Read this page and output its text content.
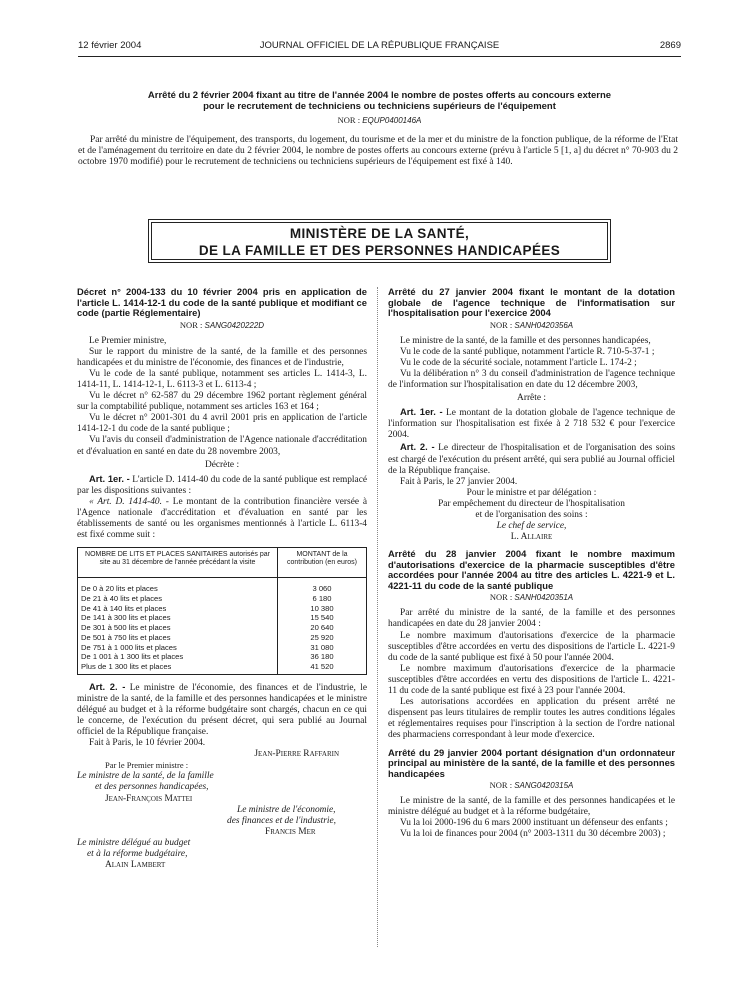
12 février 2004	JOURNAL OFFICIEL DE LA RÉPUBLIQUE FRANÇAISE	2869
Arrêté du 2 février 2004 fixant au titre de l'année 2004 le nombre de postes offerts au concours externe
pour le recrutement de techniciens ou techniciens supérieurs de l'équipement
NOR : EQUP0400146A

Par arrêté du ministre de l'équipement, des transports, du logement, du tourisme et de la mer et du ministre de la fonction publique, de la réforme de l'Etat et de l'aménagement du territoire en date du 2 février 2004, le nombre de postes offerts au concours externe (prévu à l'article 5 [1, a] du décret n° 70-903 du 2 octobre 1970 modifié) pour le recrutement de techniciens ou techniciens supérieurs de l'équipement est fixé à 140.

MINISTÈRE DE LA SANTÉ,
DE LA FAMILLE ET DES PERSONNES HANDICAPÉES
Décret n° 2004-133 du 10 février 2004 pris en application de l'article L. 1414-12-1 du code de la santé publique et modifiant ce code (partie Réglementaire)
NOR : SANG0420222D

Le Premier ministre,

Sur le rapport du ministre de la santé, de la famille et des personnes handicapées et du ministre de l'économie, des finances et de l'industrie,

Vu le code de la santé publique, notamment ses articles L. 1414-3, L. 1414-11, L. 1414-12-1, L. 6113-3 et L. 6113-4 ;

Vu le décret n° 62-587 du 29 décembre 1962 portant règlement général sur la comptabilité publique, notamment ses articles 163 et 164 ;

Vu le décret n° 2001-301 du 4 avril 2001 pris en application de l'article 1414-12-1 du code de la santé publique ;

Vu l'avis du conseil d'administration de l'Agence nationale d'accréditation et d'évaluation en santé en date du 28 novembre 2003,

Décrète :

Art. 1er. - L'article D. 1414-40 du code de la santé publique est remplacé par les dispositions suivantes :

« Art. D. 1414-40. - Le montant de la contribution financière versée à l'Agence nationale d'accréditation et d'évaluation en santé par les établissements de santé ou les organismes mentionnés à l'article L. 6113-4 est fixé comme suit :

NOMBRE DE LITS ET PLACES SANITAIRES autorisés par site au 31 décembre de l'année précédant la visite	MONTANT de la contribution (en euros)
De 0 à 20 lits et places	3 060
De 21 à 40 lits et places	6 180
De 41 à 140 lits et places	10 380
De 141 à 300 lits et places	15 540
De 301 à 500 lits et places	20 640
De 501 à 750 lits et places	25 920
De 751 à 1 000 lits et places	31 080
De 1 001 à 1 300 lits et places	36 180
Plus de 1 300 lits et places	41 520

Art. 2. - Le ministre de l'économie, des finances et de l'industrie, le ministre de la santé, de la famille et des personnes handicapées et le ministre délégué au budget et à la réforme budgétaire sont chargés, chacun en ce qui le concerne, de l'exécution du présent décret, qui sera publié au Journal officiel de la République française.

Fait à Paris, le 10 février 2004.

Jean-Pierre Raffarin

Par le Premier ministre :

Le ministre de la santé, de la famille

et des personnes handicapées,

Jean-François Mattei

Le ministre de l'économie,

des finances et de l'industrie,

Francis Mer

Le ministre délégué au budget

et à la réforme budgétaire,

Alain Lambert

Arrêté du 27 janvier 2004 fixant le montant de la dotation globale de l'agence technique de l'informatisation sur l'hospitalisation pour l'exercice 2004
NOR : SANH0420356A

Le ministre de la santé, de la famille et des personnes handicapées,

Vu le code de la santé publique, notamment l'article R. 710-5-37-1 ;

Vu le code de la sécurité sociale, notamment l'article L. 174-2 ;

Vu la délibération n° 3 du conseil d'administration de l'agence technique de l'information sur l'hospitalisation en date du 12 décembre 2003,

Arrête :

Art. 1er. - Le montant de la dotation globale de l'agence technique de l'information sur l'hospitalisation est fixée à 2 718 532 € pour l'exercice 2004.

Art. 2. - Le directeur de l'hospitalisation et de l'organisation des soins est chargé de l'exécution du présent arrêté, qui sera publié au Journal officiel de la République française.

Fait à Paris, le 27 janvier 2004.

Pour le ministre et par délégation :

Par empêchement du directeur de l'hospitalisation

et de l'organisation des soins :

Le chef de service,

L. Allaire

Arrêté du 28 janvier 2004 fixant le nombre maximum d'autorisations d'exercice de la pharmacie susceptibles d'être accordées pour l'année 2004 au titre des articles L. 4221-9 et L. 4221-11 du code de la santé publique
NOR : SANH0420351A

Par arrêté du ministre de la santé, de la famille et des personnes handicapées en date du 28 janvier 2004 :

Le nombre maximum d'autorisations d'exercice de la pharmacie susceptibles d'être accordées en vertu des dispositions de l'article L. 4221-9 du code de la santé publique est fixé à 50 pour l'année 2004.

Le nombre maximum d'autorisations d'exercice de la pharmacie susceptibles d'être accordées en vertu des dispositions de l'article L. 4221-11 du code de la santé publique est fixé à 23 pour l'année 2004.

Les autorisations accordées en application du présent arrêté ne dispensent pas leurs titulaires de remplir toutes les autres conditions légales et réglementaires requises pour l'inscription à la section de l'ordre national des pharmaciens correspondant à leur mode d'exercice.

Arrêté du 29 janvier 2004 portant désignation d'un ordonnateur principal au ministère de la santé, de la famille et des personnes handicapées
NOR : SANG0420315A

Le ministre de la santé, de la famille et des personnes handicapées et le ministre délégué au budget et à la réforme budgétaire,

Vu la loi 2000-196 du 6 mars 2000 instituant un défenseur des enfants ;

Vu la loi de finances pour 2004 (n° 2003-1311 du 30 décembre 2003) ;
